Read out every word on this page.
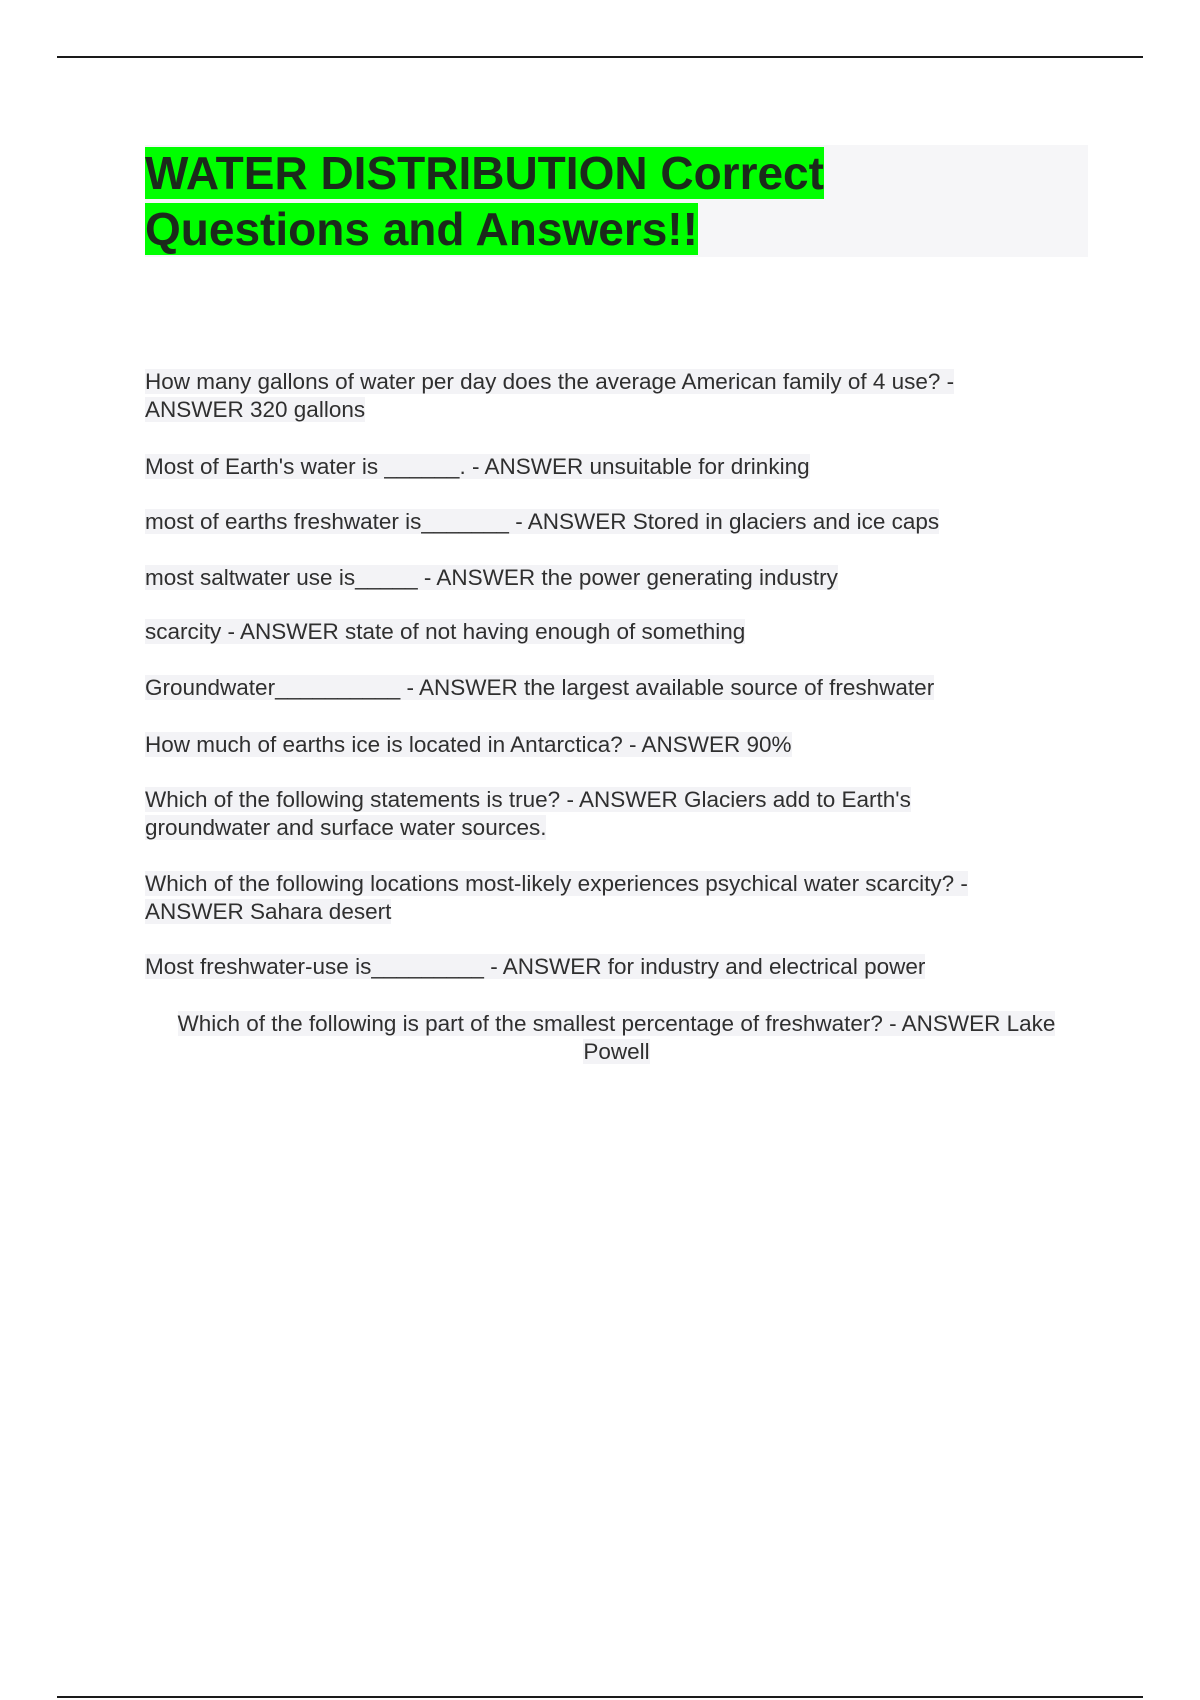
WATER DISTRIBUTION Correct Questions and Answers!!

How many gallons of water per day does the average American family of 4 use? - ANSWER 320 gallons

Most of Earth's water is ______. - ANSWER unsuitable for drinking

most of earths freshwater is_______ - ANSWER Stored in glaciers and ice caps

most saltwater use is_____ - ANSWER the power generating industry

scarcity - ANSWER state of not having enough of something

Groundwater__________ - ANSWER the largest available source of freshwater

How much of earths ice is located in Antarctica? - ANSWER 90%

Which of the following statements is true? - ANSWER Glaciers add to Earth's groundwater and surface water sources.

Which of the following locations most-likely experiences psychical water scarcity? - ANSWER Sahara desert

Most freshwater-use is_________ - ANSWER for industry and electrical power

Which of the following is part of the smallest percentage of freshwater? - ANSWER Lake Powell
